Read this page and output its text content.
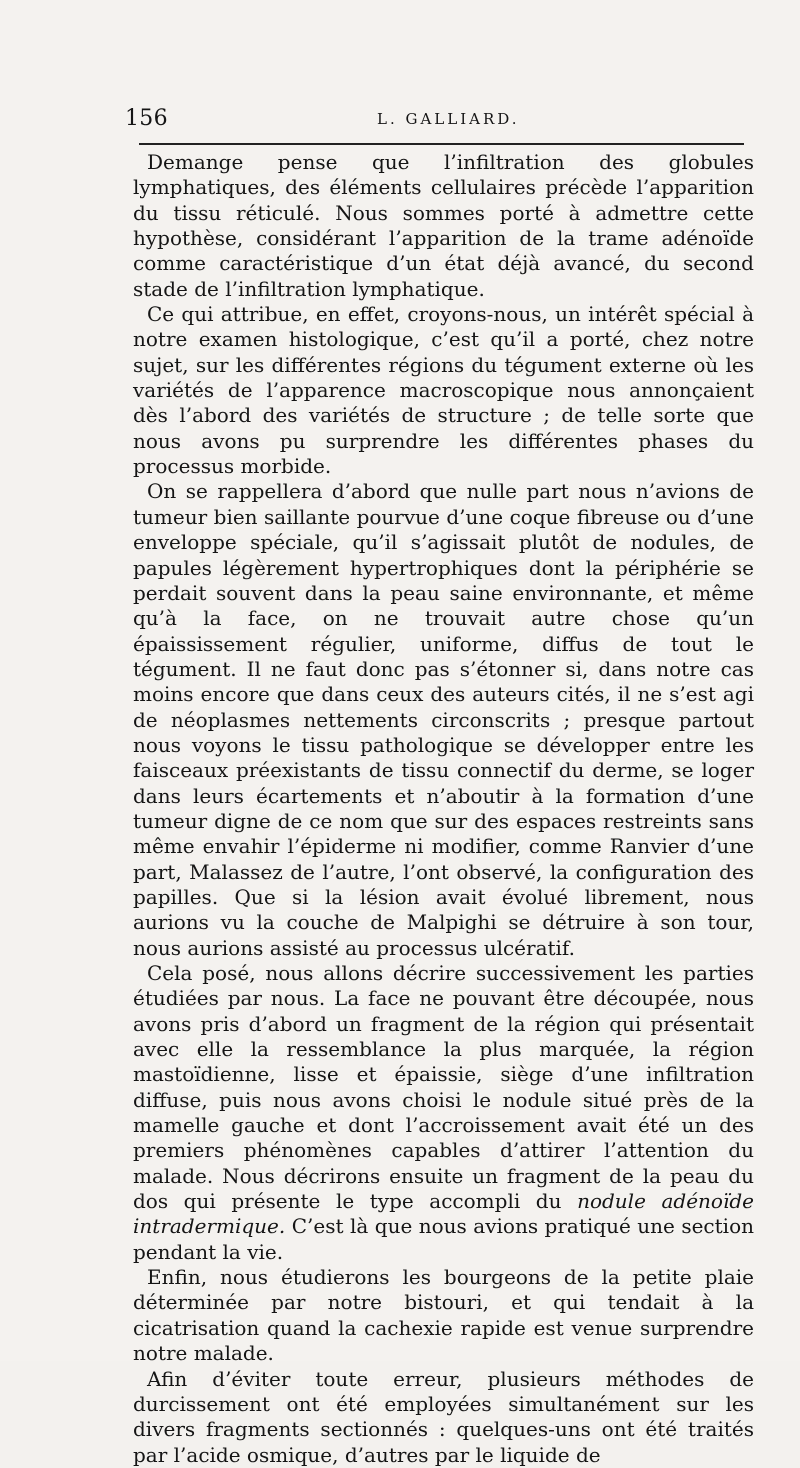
156	L. GALLIARD.

Demange pense que l’infiltration des globules lymphatiques, des éléments cellulaires précède l’apparition du tissu réticulé. Nous sommes porté à admettre cette hypothèse, considérant l’apparition de la trame adénoïde comme caractéristique d’un état déjà avancé, du second stade de l’infiltration lymphatique.

Ce qui attribue, en effet, croyons-nous, un intérêt spécial à notre examen histologique, c’est qu’il a porté, chez notre sujet, sur les différentes régions du tégument externe où les variétés de l’apparence macroscopique nous annonçaient dès l’abord des variétés de structure ; de telle sorte que nous avons pu surprendre les différentes phases du processus morbide.

On se rappellera d’abord que nulle part nous n’avions de tumeur bien saillante pourvue d’une coque fibreuse ou d’une enveloppe spéciale, qu’il s’agissait plutôt de nodules, de papules légèrement hypertrophiques dont la périphérie se perdait souvent dans la peau saine environnante, et même qu’à la face, on ne trouvait autre chose qu’un épaississement régulier, uniforme, diffus de tout le tégument. Il ne faut donc pas s’étonner si, dans notre cas moins encore que dans ceux des auteurs cités, il ne s’est agi de néoplasmes nettements circonscrits ; presque partout nous voyons le tissu pathologique se développer entre les faisceaux préexistants de tissu connectif du derme, se loger dans leurs écartements et n’aboutir à la formation d’une tumeur digne de ce nom que sur des espaces restreints sans même envahir l’épiderme ni modifier, comme Ranvier d’une part, Malassez de l’autre, l’ont observé, la configuration des papilles. Que si la lésion avait évolué librement, nous aurions vu la couche de Malpighi se détruire à son tour, nous aurions assisté au processus ulcératif.

Cela posé, nous allons décrire successivement les parties étudiées par nous. La face ne pouvant être découpée, nous avons pris d’abord un fragment de la région qui présentait avec elle la ressemblance la plus marquée, la région mastoïdienne, lisse et épaissie, siège d’une infiltration diffuse, puis nous avons choisi le nodule situé près de la mamelle gauche et dont l’accroissement avait été un des premiers phénomènes capables d’attirer l’attention du malade. Nous décrirons ensuite un fragment de la peau du dos qui présente le type accompli du nodule adénoïde intradermique. C’est là que nous avions pratiqué une section pendant la vie.

Enfin, nous étudierons les bourgeons de la petite plaie déterminée par notre bistouri, et qui tendait à la cicatrisation quand la cachexie rapide est venue surprendre notre malade.

Afin d’éviter toute erreur, plusieurs méthodes de durcissement ont été employées simultanément sur les divers fragments sectionnés : quelques-uns ont été traités par l’acide osmique, d’autres par le liquide de
